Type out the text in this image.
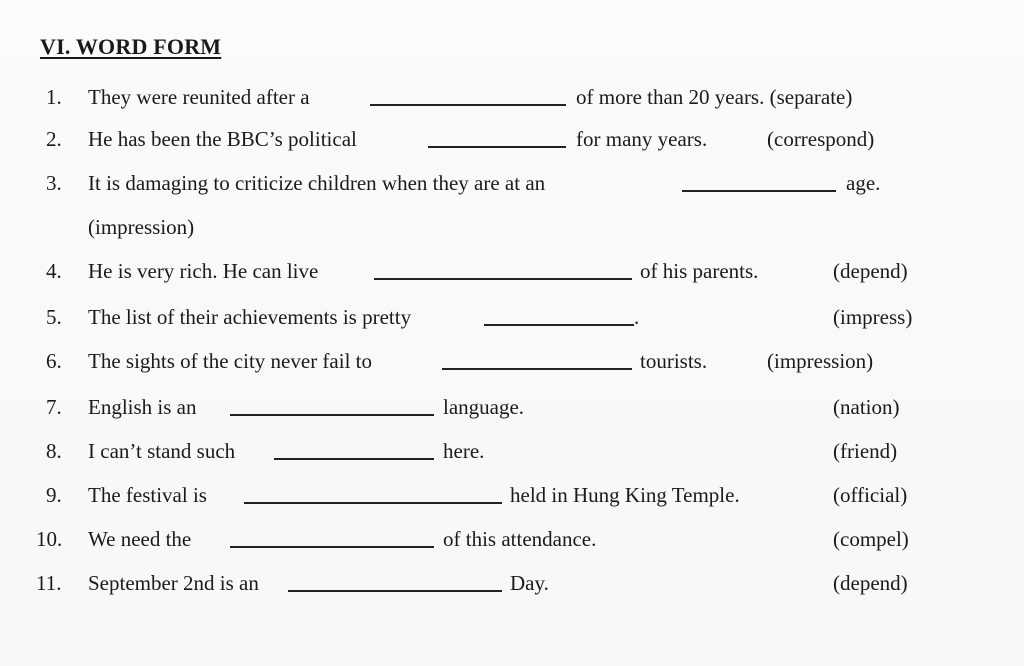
VI. WORD FORM
1.	They were reunited after a	of more than 20 years. (separate)
2.	He has been the BBC’s political	for many years.	(correspond)
3.	It is damaging to criticize children when they are at an	age.
(impression)
4.	He is very rich. He can live	of his parents.	(depend)
5.	The list of their achievements is pretty	.	(impress)
6.	The sights of the city never fail to	tourists.	(impression)
7.	English is an	language.	(nation)
8.	I can’t stand such	here.	(friend)
9.	The festival is	held in Hung King Temple.	(official)
10.	We need the	of this attendance.	(compel)
11.	September 2nd is an	Day.	(depend)
